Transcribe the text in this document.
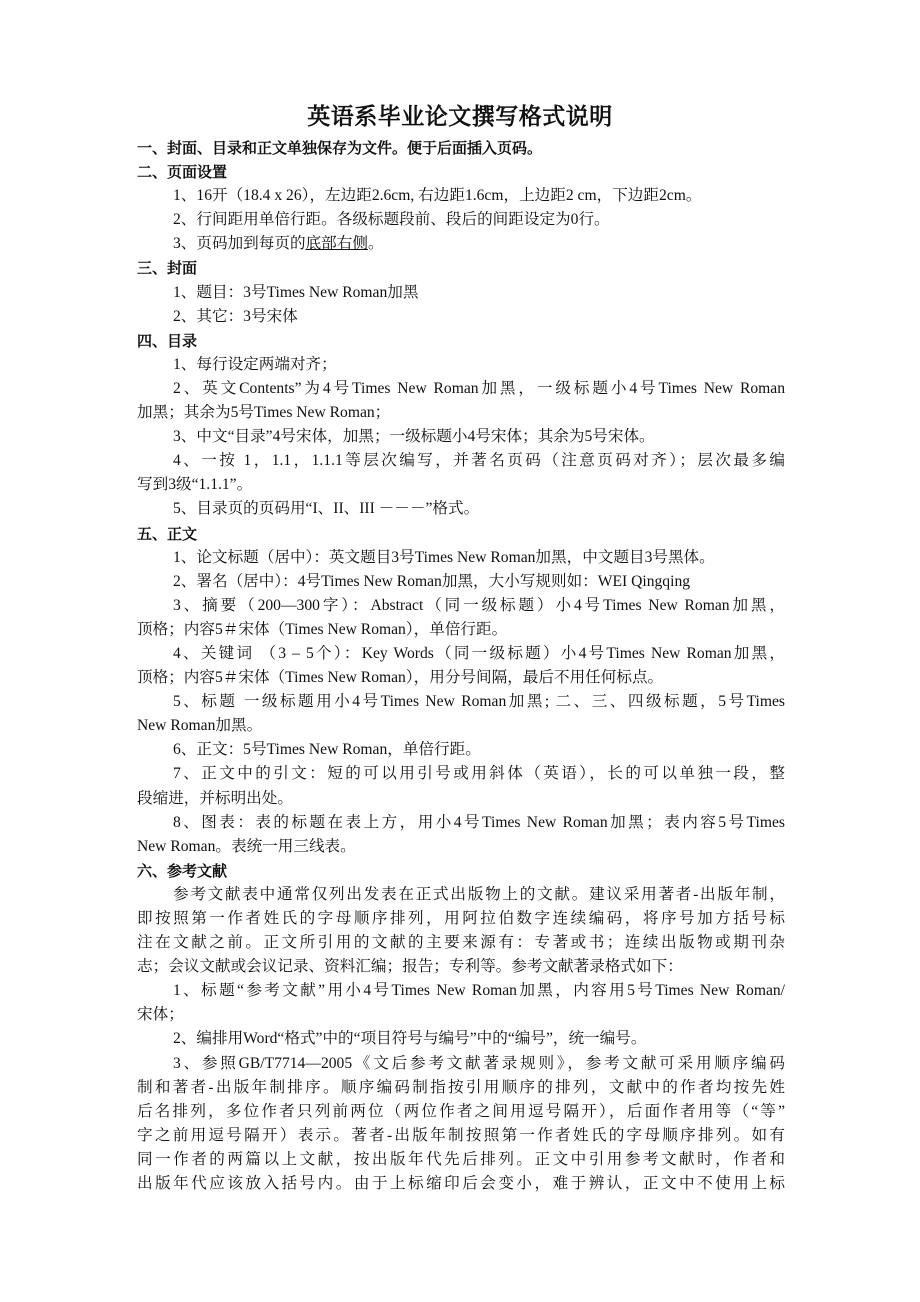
英语系毕业论文撰写格式说明
一、封面、目录和正文单独保存为文件。便于后面插入页码。
二、页面设置
1、16开（18.4 x 26），左边距2.6cm, 右边距1.6cm，上边距2 cm，下边距2cm。
2、行间距用单倍行距。各级标题段前、段后的间距设定为0行。
3、页码加到每页的底部右侧。
三、封面
1、题目：3号Times New Roman加黑
2、其它：3号宋体
四、目录
1、每行设定两端对齐；
2、英文Contents”为4号Times New Roman加黑，一级标题小4号Times New Roman
加黑；其余为5号Times New Roman；
3、中文“目录”4号宋体，加黑；一级标题小4号宋体；其余为5号宋体。
4、一按 1，1.1，1.1.1等层次编写，并著名页码（注意页码对齐）；层次最多编
写到3级“1.1.1”。
5、目录页的页码用“I、II、III －－－”格式。
五、正文
1、论文标题（居中）：英文题目3号Times New Roman加黑，中文题目3号黑体。
2、署名（居中）：4号Times New Roman加黑，大小写规则如：WEI Qingqing
3、摘要（200—300字）：Abstract（同一级标题）小4号Times New Roman加黑，
顶格；内容5＃宋体（Times New Roman），单倍行距。
4、关键词 （3 – 5个）：Key Words（同一级标题）小4号Times New Roman加黑，
顶格；内容5＃宋体（Times New Roman），用分号间隔，最后不用任何标点。
5、标题 一级标题用小4号Times New Roman加黑; 二、三、四级标题，5号Times
New Roman加黑。
6、正文：5号Times New Roman，单倍行距。
7、正文中的引文：短的可以用引号或用斜体（英语），长的可以单独一段，整
段缩进，并标明出处。
8、图表：表的标题在表上方，用小4号Times New Roman加黑；表内容5号Times
New Roman。表统一用三线表。
六、参考文献
参考文献表中通常仅列出发表在正式出版物上的文献。建议采用著者-出版年制，
即按照第一作者姓氏的字母顺序排列，用阿拉伯数字连续编码，将序号加方括号标
注在文献之前。正文所引用的文献的主要来源有：专著或书；连续出版物或期刊杂
志；会议文献或会议记录、资料汇编；报告；专利等。参考文献著录格式如下：
1、标题“参考文献”用小4号Times New Roman加黑，内容用5号Times New Roman/
宋体；
2、编排用Word“格式”中的“项目符号与编号”中的“编号”，统一编号。
3、参照GB/T7714—2005《文后参考文献著录规则》，参考文献可采用顺序编码
制和著者-出版年制排序。顺序编码制指按引用顺序的排列，文献中的作者均按先姓
后名排列，多位作者只列前两位（两位作者之间用逗号隔开），后面作者用等（“等”
字之前用逗号隔开）表示。著者-出版年制按照第一作者姓氏的字母顺序排列。如有
同一作者的两篇以上文献，按出版年代先后排列。正文中引用参考文献时，作者和
出版年代应该放入括号内。由于上标缩印后会变小，难于辨认，正文中不使用上标
